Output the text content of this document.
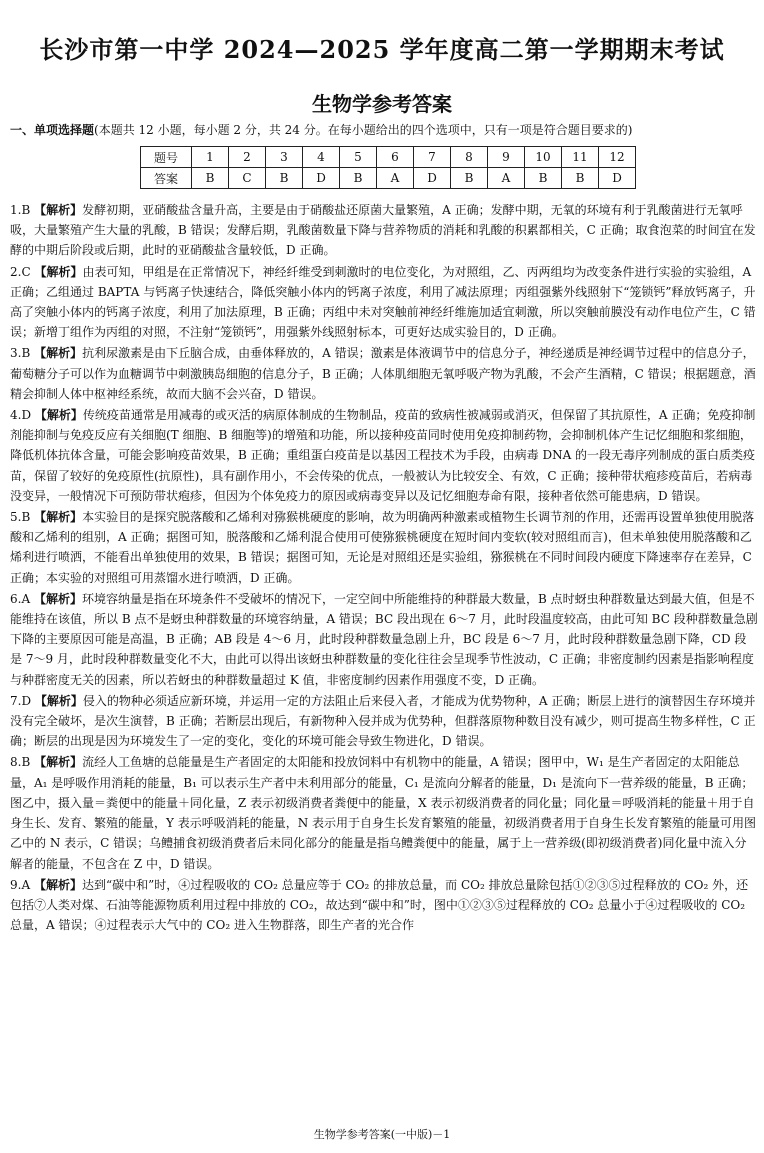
长沙市第一中学 2024—2025 学年度高二第一学期期末考试
生物学参考答案
一、单项选择题(本题共 12 小题，每小题 2 分，共 24 分。在每小题给出的四个选项中，只有一项是符合题目要求的)
题号	1	2	3	4	5	6	7	8	9	10	11	12
答案	B	C	B	D	B	A	D	B	A	B	B	D

1.B 【解析】发酵初期，亚硝酸盐含量升高，主要是由于硝酸盐还原菌大量繁殖，A 正确；发酵中期，无氧的环境有利于乳酸菌进行无氧呼吸，大量繁殖产生大量的乳酸，B 错误；发酵后期，乳酸菌数量下降与营养物质的消耗和乳酸的积累都相关，C 正确；取食泡菜的时间宜在发酵的中期后阶段或后期，此时的亚硝酸盐含量较低，D 正确。

2.C 【解析】由表可知，甲组是在正常情况下，神经纤维受到刺激时的电位变化，为对照组，乙、丙两组均为改变条件进行实验的实验组，A 正确；乙组通过 BAPTA 与钙离子快速结合，降低突触小体内的钙离子浓度，利用了减法原理；丙组强紫外线照射下“笼锁钙”释放钙离子，升高了突触小体内的钙离子浓度，利用了加法原理，B 正确；丙组中未对突触前神经纤维施加适宜刺激，所以突触前膜没有动作电位产生，C 错误；新增丁组作为丙组的对照，不注射“笼锁钙”，用强紫外线照射标本，可更好达成实验目的，D 正确。

3.B 【解析】抗利尿激素是由下丘脑合成，由垂体释放的，A 错误；激素是体液调节中的信息分子，神经递质是神经调节过程中的信息分子，葡萄糖分子可以作为血糖调节中刺激胰岛细胞的信息分子，B 正确；人体肌细胞无氧呼吸产物为乳酸，不会产生酒精，C 错误；根据题意，酒精会抑制人体中枢神经系统，故而大脑不会兴奋，D 错误。

4.D 【解析】传统疫苗通常是用减毒的或灭活的病原体制成的生物制品，疫苗的致病性被减弱或消灭，但保留了其抗原性，A 正确；免疫抑制剂能抑制与免疫反应有关细胞(T 细胞、B 细胞等)的增殖和功能，所以接种疫苗同时使用免疫抑制药物，会抑制机体产生记忆细胞和浆细胞，降低机体抗体含量，可能会影响疫苗效果，B 正确；重组蛋白疫苗是以基因工程技术为手段，由病毒 DNA 的一段无毒序列制成的蛋白质类疫苗，保留了较好的免疫原性(抗原性)，具有副作用小，不会传染的优点，一般被认为比较安全、有效，C 正确；接种带状疱疹疫苗后，若病毒没变异，一般情况下可预防带状疱疹，但因为个体免疫力的原因或病毒变异以及记忆细胞寿命有限，接种者依然可能患病，D 错误。

5.B 【解析】本实验目的是探究脱落酸和乙烯利对猕猴桃硬度的影响，故为明确两种激素或植物生长调节剂的作用，还需再设置单独使用脱落酸和乙烯利的组别，A 正确；据图可知，脱落酸和乙烯利混合使用可使猕猴桃硬度在短时间内变软(较对照组而言)，但未单独使用脱落酸和乙烯利进行喷洒，不能看出单独使用的效果，B 错误；据图可知，无论是对照组还是实验组，猕猴桃在不同时间段内硬度下降速率存在差异，C 正确；本实验的对照组可用蒸馏水进行喷洒，D 正确。

6.A 【解析】环境容纳量是指在环境条件不受破坏的情况下，一定空间中所能维持的种群最大数量，B 点时蚜虫种群数量达到最大值，但是不能维持在该值，所以 B 点不是蚜虫种群数量的环境容纳量，A 错误；BC 段出现在 6～7 月，此时段温度较高，由此可知 BC 段种群数量急剧下降的主要原因可能是高温，B 正确；AB 段是 4～6 月，此时段种群数量急剧上升，BC 段是 6～7 月，此时段种群数量急剧下降，CD 段是 7～9 月，此时段种群数量变化不大，由此可以得出该蚜虫种群数量的变化往往会呈现季节性波动，C 正确；非密度制约因素是指影响程度与种群密度无关的因素，所以若蚜虫的种群数量超过 K 值，非密度制约因素作用强度不变，D 正确。

7.D 【解析】侵入的物种必须适应新环境，并运用一定的方法阻止后来侵入者，才能成为优势物种，A 正确；断层上进行的演替因生存环境并没有完全破坏，是次生演替，B 正确；若断层出现后，有新物种入侵并成为优势种，但群落原物种数目没有减少，则可提高生物多样性，C 正确；断层的出现是因为环境发生了一定的变化，变化的环境可能会导致生物进化，D 错误。

8.B 【解析】流经人工鱼塘的总能量是生产者固定的太阳能和投放饲料中有机物中的能量，A 错误；图甲中，W₁ 是生产者固定的太阳能总量，A₁ 是呼吸作用消耗的能量，B₁ 可以表示生产者中未利用部分的能量，C₁ 是流向分解者的能量，D₁ 是流向下一营养级的能量，B 正确；图乙中，摄入量＝粪便中的能量＋同化量，Z 表示初级消费者粪便中的能量，X 表示初级消费者的同化量；同化量＝呼吸消耗的能量＋用于自身生长、发育、繁殖的能量，Y 表示呼吸消耗的能量，N 表示用于自身生长发育繁殖的能量，初级消费者用于自身生长发育繁殖的能量可用图乙中的 N 表示，C 错误；乌鳢捕食初级消费者后未同化部分的能量是指乌鳢粪便中的能量，属于上一营养级(即初级消费者)同化量中流入分解者的能量，不包含在 Z 中，D 错误。

9.A 【解析】达到“碳中和”时，④过程吸收的 CO₂ 总量应等于 CO₂ 的排放总量，而 CO₂ 排放总量除包括①②③⑤过程释放的 CO₂ 外，还包括⑦人类对煤、石油等能源物质利用过程中排放的 CO₂，故达到“碳中和”时，图中①②③⑤过程释放的 CO₂ 总量小于④过程吸收的 CO₂ 总量，A 错误；④过程表示大气中的 CO₂ 进入生物群落，即生产者的光合作

生物学参考答案(一中版)－1
